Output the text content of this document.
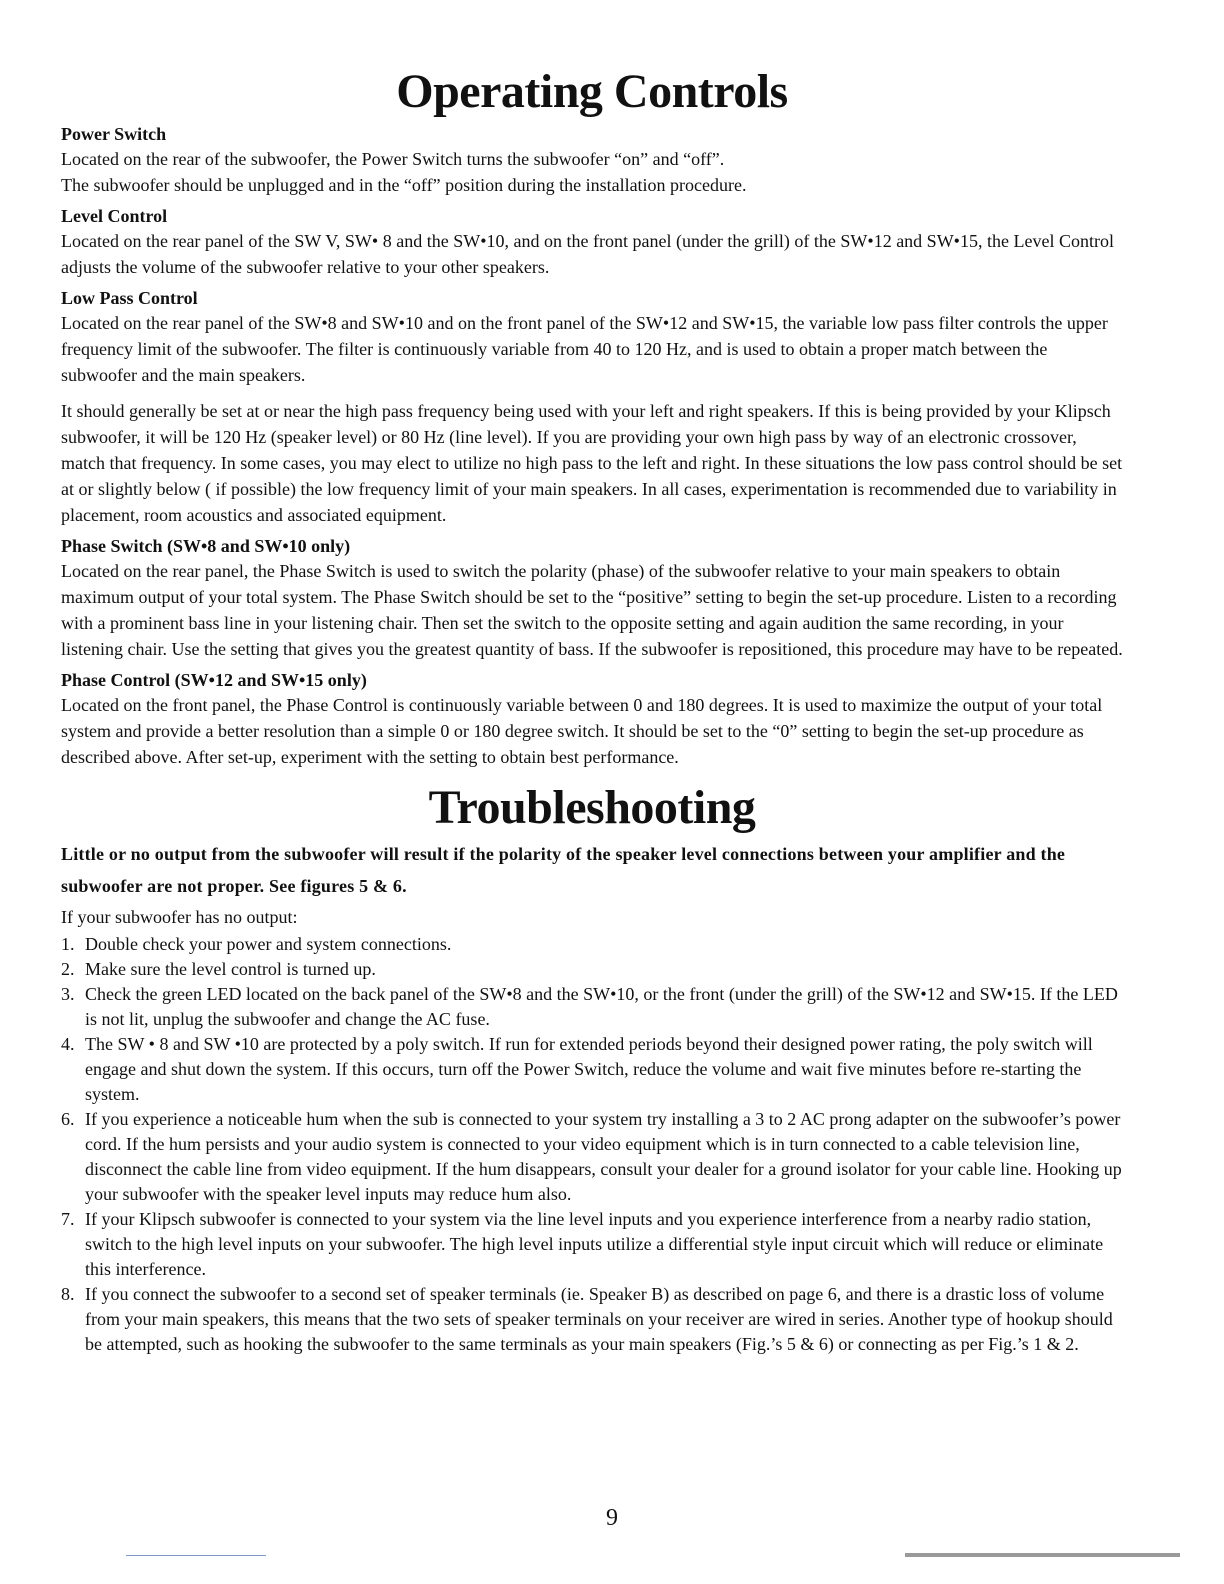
Operating Controls
Power Switch

Located on the rear of the subwoofer, the Power Switch turns the subwoofer “on” and “off”.
The subwoofer should be unplugged and in the “off” position during the installation procedure.

Level Control

Located on the rear panel of the SW V, SW• 8 and the SW•10, and on the front panel (under the grill) of the SW•12 and SW•15, the Level Control adjusts the volume of the subwoofer relative to your other speakers.

Low Pass Control

Located on the rear panel of the SW•8 and SW•10 and on the front panel of the SW•12 and SW•15, the variable low pass filter controls the upper frequency limit of the subwoofer. The filter is continuously variable from 40 to 120 Hz, and is used to obtain a proper match between the subwoofer and the main speakers.

It should generally be set at or near the high pass frequency being used with your left and right speakers. If this is being provided by your Klipsch subwoofer, it will be 120 Hz (speaker level) or 80 Hz (line level). If you are providing your own high pass by way of an electronic crossover, match that frequency. In some cases, you may elect to utilize no high pass to the left and right. In these situations the low pass control should be set at or slightly below ( if possible) the low frequency limit of your main speakers. In all cases, experimentation is recommended due to variability in placement, room acoustics and associated equipment.

Phase Switch (SW•8 and SW•10 only)

Located on the rear panel, the Phase Switch is used to switch the polarity (phase) of the subwoofer relative to your main speakers to obtain maximum output of your total system. The Phase Switch should be set to the “positive” setting to begin the set-up procedure. Listen to a recording with a prominent bass line in your listening chair. Then set the switch to the opposite setting and again audition the same recording, in your listening chair. Use the setting that gives you the greatest quantity of bass. If the subwoofer is repositioned, this procedure may have to be repeated.

Phase Control (SW•12 and SW•15 only)

Located on the front panel, the Phase Control is continuously variable between 0 and 180 degrees. It is used to maximize the output of your total system and provide a better resolution than a simple 0 or 180 degree switch. It should be set to the “0” setting to begin the set-up procedure as described above. After set-up, experiment with the setting to obtain best performance.

Troubleshooting
Little or no output from the subwoofer will result if the polarity of the speaker level connections between your amplifier and the subwoofer are not proper. See figures 5 & 6.
If your subwoofer has no output:
1. Double check your power and system connections.
2. Make sure the level control is turned up.
3. Check the green LED located on the back panel of the SW•8 and the SW•10, or the front (under the grill) of the SW•12 and SW•15. If the LED is not lit, unplug the subwoofer and change the AC fuse.
4. The SW • 8 and SW •10 are protected by a poly switch. If run for extended periods beyond their designed power rating, the poly switch will engage and shut down the system. If this occurs, turn off the Power Switch, reduce the volume and wait five minutes before re-starting the system.
6. If you experience a noticeable hum when the sub is connected to your system try installing a 3 to 2 AC prong adapter on the subwoofer’s power cord. If the hum persists and your audio system is connected to your video equipment which is in turn connected to a cable television line, disconnect the cable line from video equipment. If the hum disappears, consult your dealer for a ground isolator for your cable line. Hooking up your subwoofer with the speaker level inputs may reduce hum also.
7. If your Klipsch subwoofer is connected to your system via the line level inputs and you experience interference from a nearby radio station, switch to the high level inputs on your subwoofer. The high level inputs utilize a differential style input circuit which will reduce or eliminate this interference.
8. If you connect the subwoofer to a second set of speaker terminals (ie. Speaker B) as described on page 6, and there is a drastic loss of volume from your main speakers, this means that the two sets of speaker terminals on your receiver are wired in series. Another type of hookup should be attempted, such as hooking the subwoofer to the same terminals as your main speakers (Fig.’s 5 & 6) or connecting as per Fig.’s 1 & 2.
9
